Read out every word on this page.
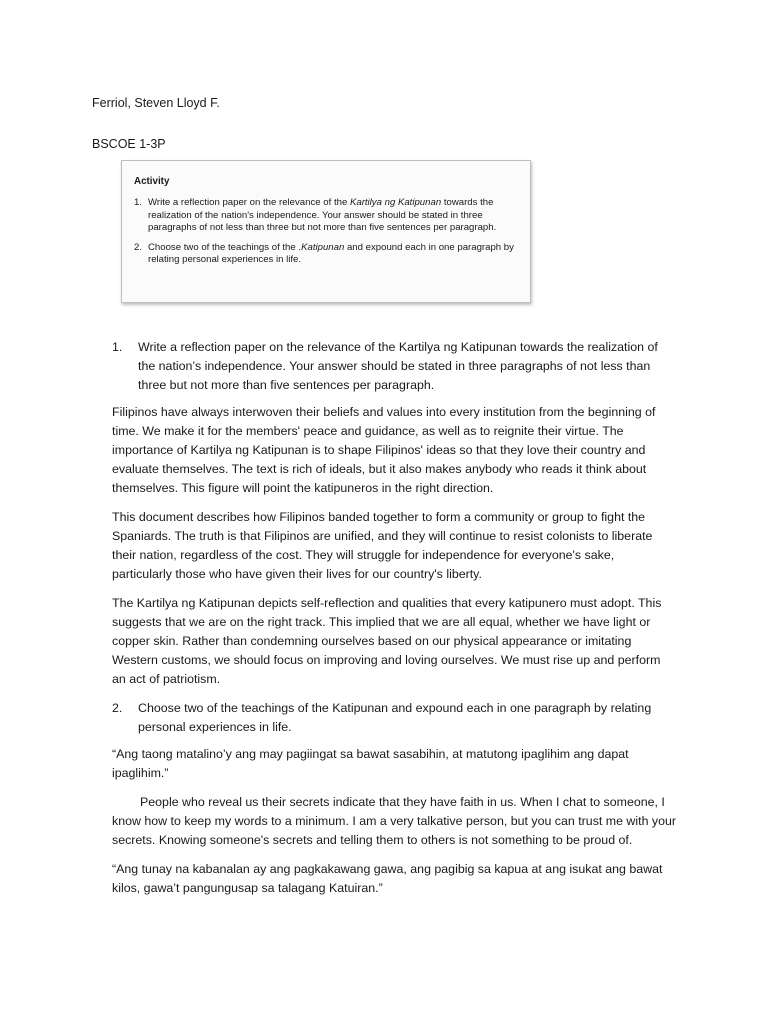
Ferriol, Steven Lloyd F.
BSCOE 1-3P
Activity
1. Write a reflection paper on the relevance of the Kartilya ng Katipunan towards the realization of the nation's independence. Your answer should be stated in three paragraphs of not less than three but not more than five sentences per paragraph.
2. Choose two of the teachings of the .Katipunan and expound each in one paragraph by relating personal experiences in life.
1.	Write a reflection paper on the relevance of the Kartilya ng Katipunan towards the realization of the nation’s independence. Your answer should be stated in three paragraphs of not less than three but not more than five sentences per paragraph.

Filipinos have always interwoven their beliefs and values into every institution from the beginning of time. We make it for the members' peace and guidance, as well as to reignite their virtue. The importance of Kartilya ng Katipunan is to shape Filipinos' ideas so that they love their country and evaluate themselves. The text is rich of ideals, but it also makes anybody who reads it think about themselves. This figure will point the katipuneros in the right direction.

This document describes how Filipinos banded together to form a community or group to fight the Spaniards. The truth is that Filipinos are unified, and they will continue to resist colonists to liberate their nation, regardless of the cost. They will struggle for independence for everyone's sake, particularly those who have given their lives for our country's liberty.

The Kartilya ng Katipunan depicts self-reflection and qualities that every katipunero must adopt. This suggests that we are on the right track. This implied that we are all equal, whether we have light or copper skin. Rather than condemning ourselves based on our physical appearance or imitating Western customs, we should focus on improving and loving ourselves. We must rise up and perform an act of patriotism.

2.	Choose two of the teachings of the Katipunan and expound each in one paragraph by relating personal experiences in life.

“Ang taong matalino’y ang may pagiingat sa bawat sasabihin, at matutong ipaglihim ang dapat ipaglihim.”

People who reveal us their secrets indicate that they have faith in us. When I chat to someone, I know how to keep my words to a minimum. I am a very talkative person, but you can trust me with your secrets. Knowing someone's secrets and telling them to others is not something to be proud of.

“Ang tunay na kabanalan ay ang pagkakawang gawa, ang pagibig sa kapua at ang isukat ang bawat kilos, gawa’t pangungusap sa talagang Katuiran.”
